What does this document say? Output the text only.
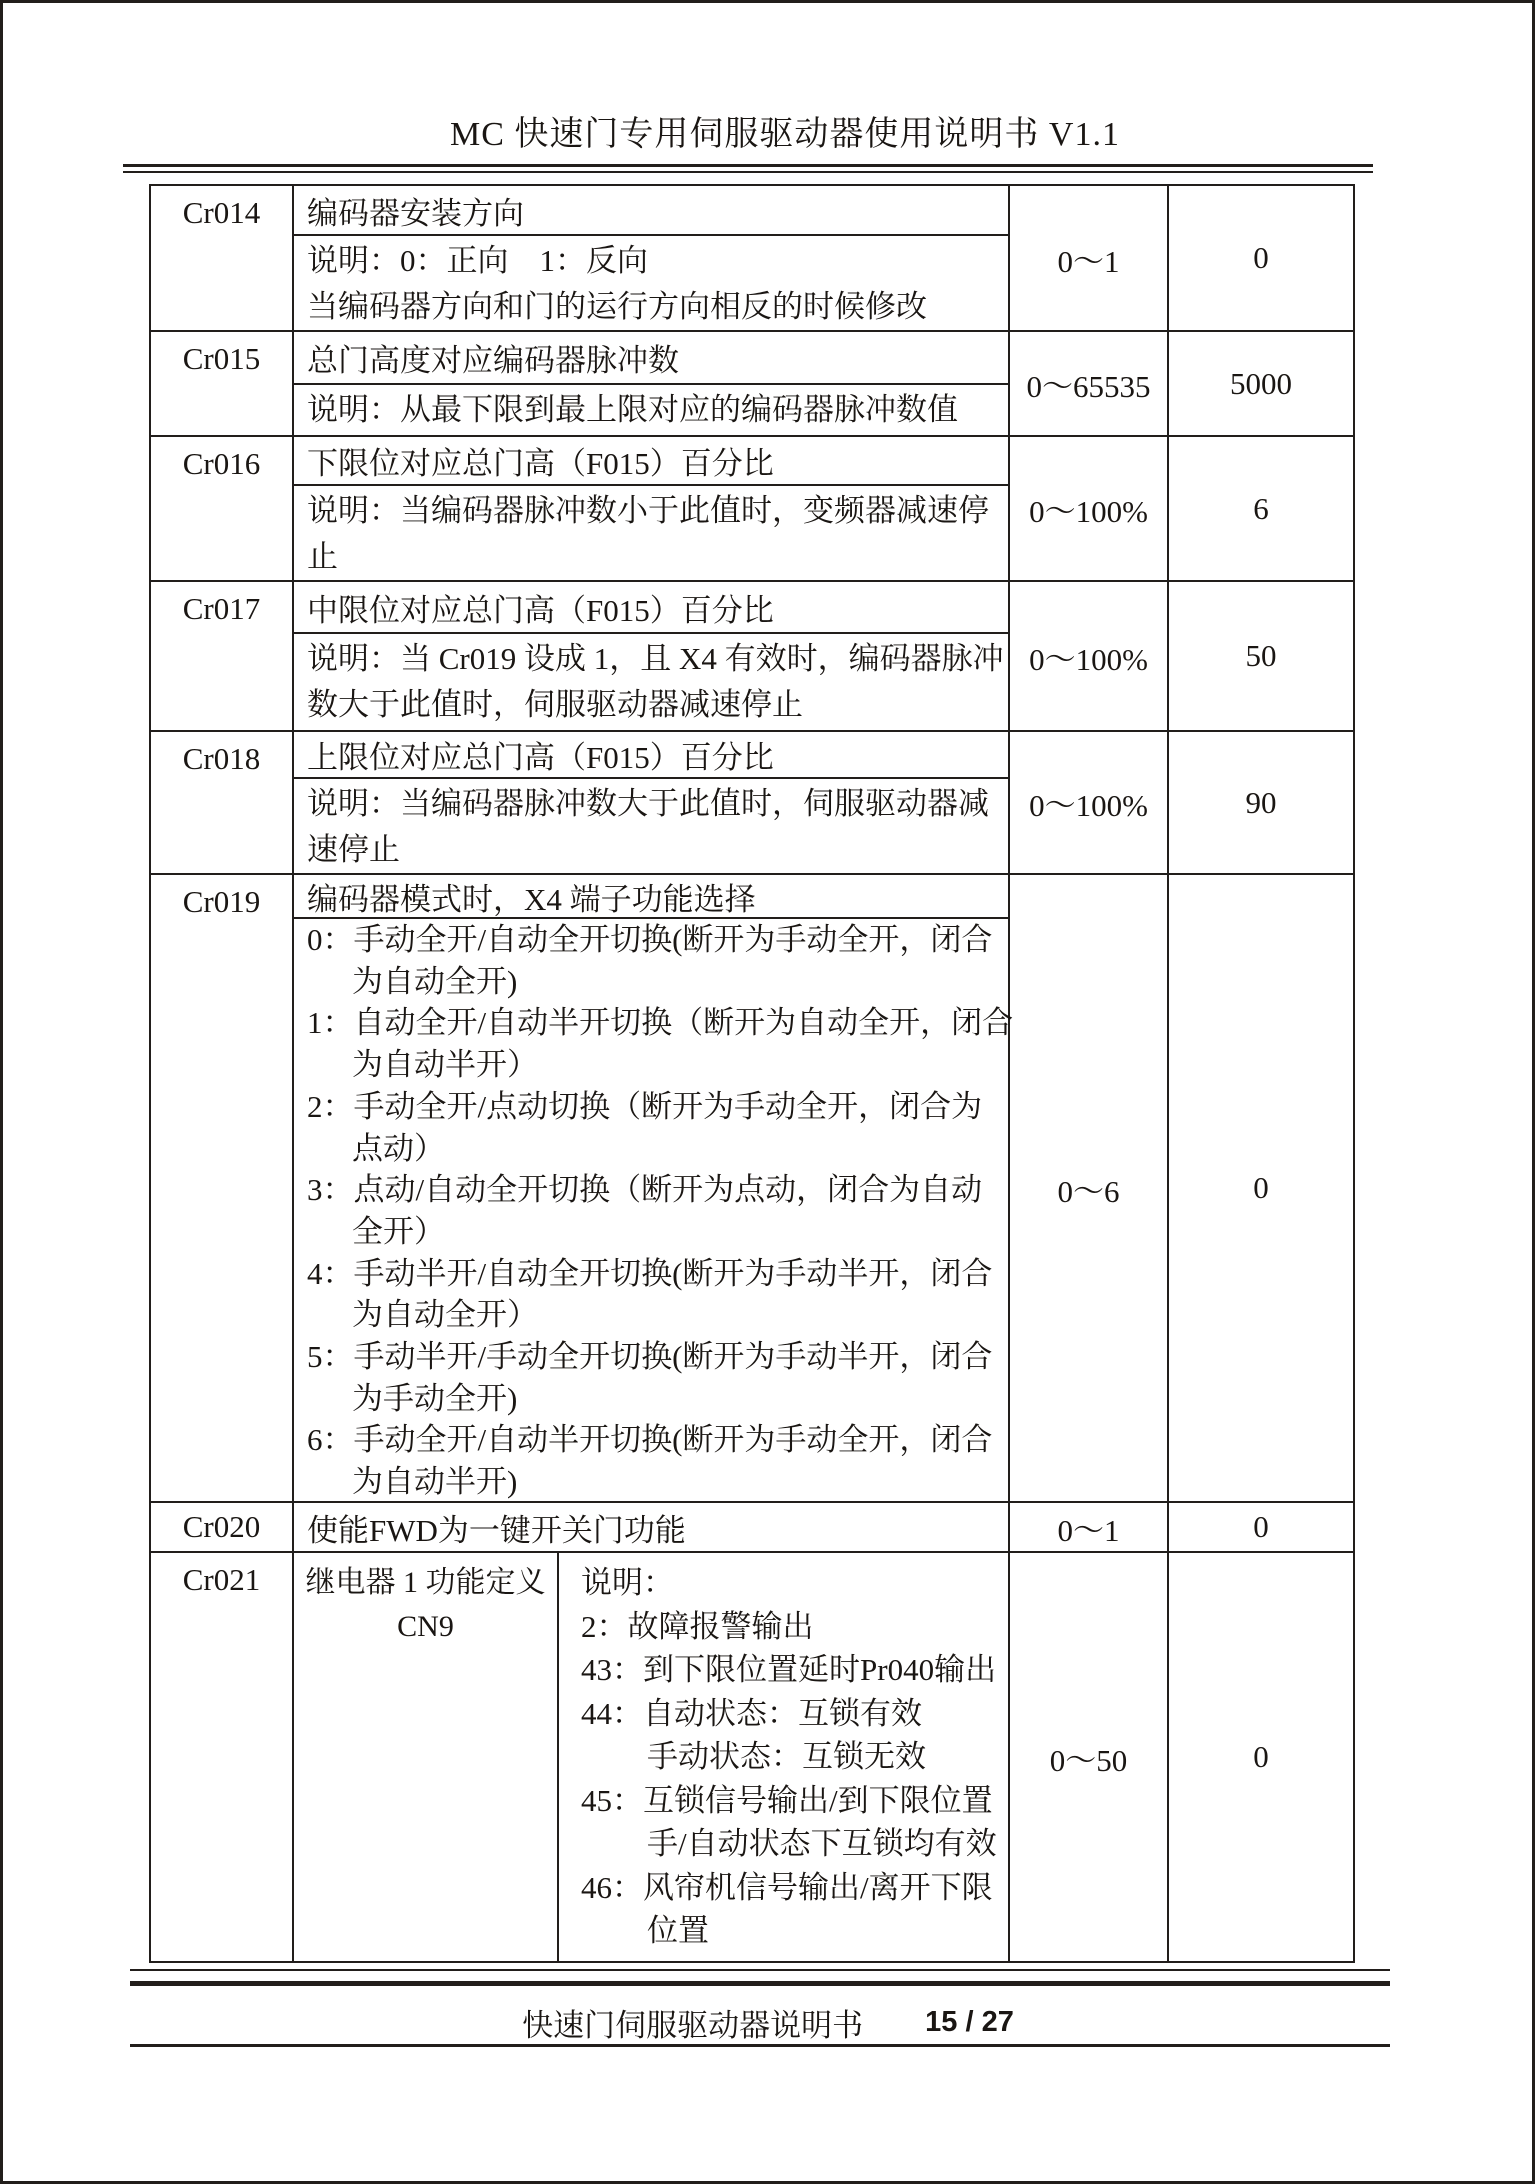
MC 快速门专用伺服驱动器使用说明书 V1.1
Cr014 编码器安装方向
说明：0：正向    1：反向
当编码器方向和门的运行方向相反的时候修改
0～1	0
Cr015 总门高度对应编码器脉冲数
说明：从最下限到最上限对应的编码器脉冲数值
0～65535	5000
Cr016 下限位对应总门高（F015）百分比
说明：当编码器脉冲数小于此值时，变频器减速停
止
0～100%	6
Cr017 中限位对应总门高（F015）百分比
说明：当 Cr019 设成 1，且 X4 有效时，编码器脉冲
数大于此值时，伺服驱动器减速停止
0～100%	50
Cr018 上限位对应总门高（F015）百分比
说明：当编码器脉冲数大于此值时，伺服驱动器减
速停止
0～100%	90
Cr019 编码器模式时，X4 端子功能选择
0：手动全开/自动全开切换(断开为手动全开，闭合
为自动全开)
1：自动全开/自动半开切换（断开为自动全开，闭合
为自动半开）
2：手动全开/点动切换（断开为手动全开，闭合为
点动）
3：点动/自动全开切换（断开为点动，闭合为自动
全开）
4：手动半开/自动全开切换(断开为手动半开，闭合
为自动全开）
5：手动半开/手动全开切换(断开为手动半开，闭合
为手动全开)
6：手动全开/自动半开切换(断开为手动全开，闭合
为自动半开)
0～6	0
Cr020 使能FWD为一键开关门功能	0～1	0
Cr021 继电器 1 功能定义
CN9
说明：
2：故障报警输出
43：到下限位置延时Pr040输出
44：自动状态：互锁有效
手动状态：互锁无效
45：互锁信号输出/到下限位置
手/自动状态下互锁均有效
46：风帘机信号输出/离开下限
位置
0～50	0
快速门伺服驱动器说明书 15 / 27
